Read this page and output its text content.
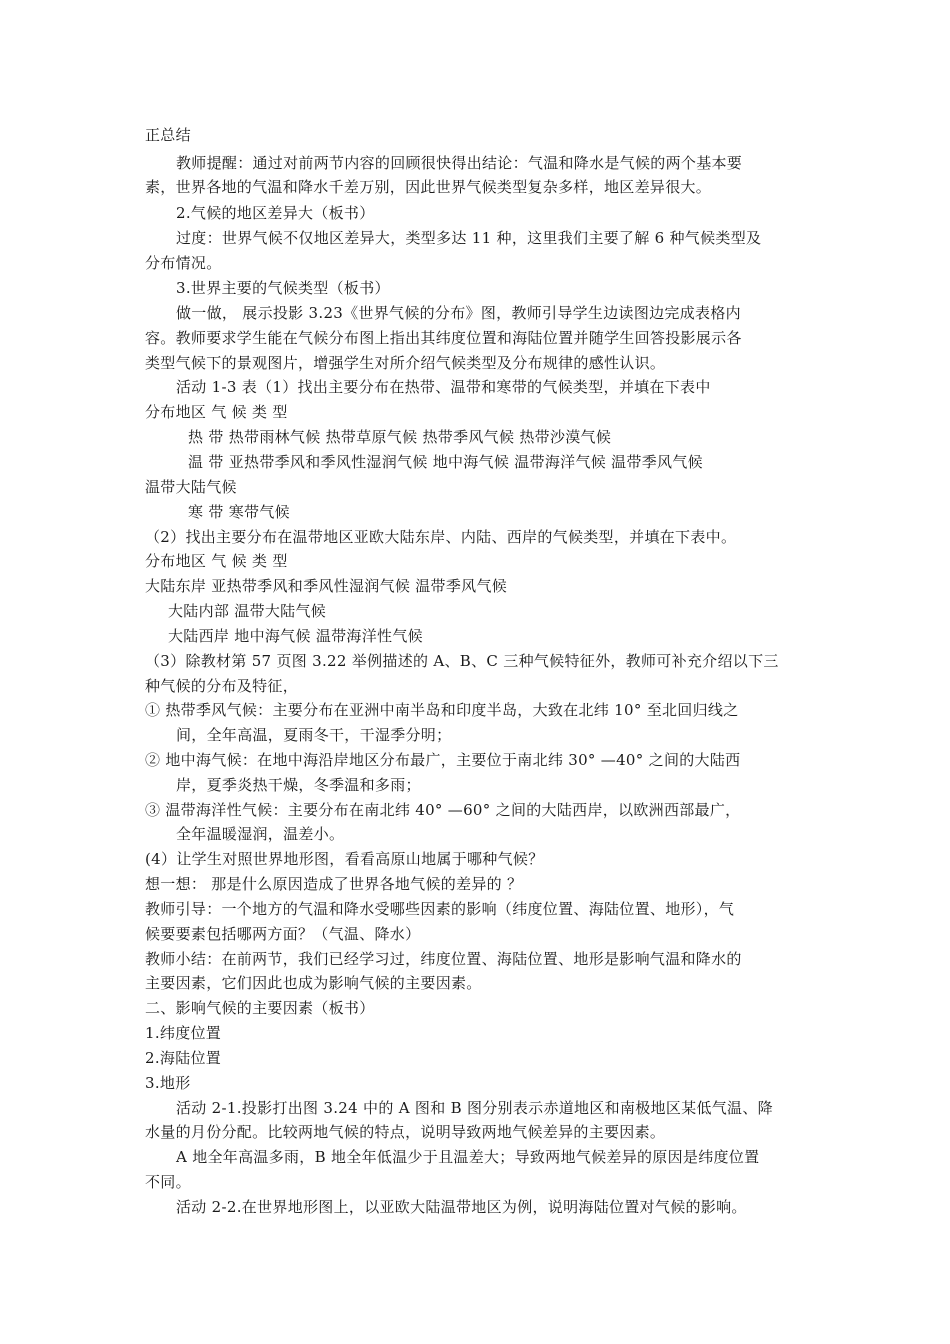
正总结
教师提醒：通过对前两节内容的回顾很快得出结论：气温和降水是气候的两个基本要
素，世界各地的气温和降水千差万别，因此世界气候类型复杂多样，地区差异很大。
2.气候的地区差异大（板书）
过度：世界气候不仅地区差异大，类型多达 11 种，这里我们主要了解 6 种气候类型及
分布情况。
3.世界主要的气候类型（板书）
做一做， 展示投影 3.23《世界气候的分布》图，教师引导学生边读图边完成表格内
容。教师要求学生能在气候分布图上指出其纬度位置和海陆位置并随学生回答投影展示各
类型气候下的景观图片，增强学生对所介绍气候类型及分布规律的感性认识。
活动 1-3 表（1）找出主要分布在热带、温带和寒带的气候类型，并填在下表中
分布地区 气 候 类 型
热 带 热带雨林气候 热带草原气候 热带季风气候 热带沙漠气候
温 带 亚热带季风和季风性湿润气候 地中海气候 温带海洋气候 温带季风气候
温带大陆气候
寒 带 寒带气候
（2）找出主要分布在温带地区亚欧大陆东岸、内陆、西岸的气候类型，并填在下表中。
分布地区 气 候 类 型
大陆东岸 亚热带季风和季风性湿润气候 温带季风气候
大陆内部 温带大陆气候
大陆西岸 地中海气候 温带海洋性气候
（3）除教材第 57 页图 3.22 举例描述的 A、B、C 三种气候特征外，教师可补充介绍以下三
种气候的分布及特征，
① 热带季风气候：主要分布在亚洲中南半岛和印度半岛，大致在北纬 10° 至北回归线之
间，全年高温，夏雨冬干，干湿季分明；
② 地中海气候：在地中海沿岸地区分布最广，主要位于南北纬 30° —40° 之间的大陆西
岸，夏季炎热干燥，冬季温和多雨；
③ 温带海洋性气候：主要分布在南北纬 40° —60° 之间的大陆西岸，以欧洲西部最广，
全年温暖湿润，温差小。
(4）让学生对照世界地形图，看看高原山地属于哪种气候？
想一想： 那是什么原因造成了世界各地气候的差异的 ？
教师引导：一个地方的气温和降水受哪些因素的影响（纬度位置、海陆位置、地形），气
候要要素包括哪两方面？（气温、降水）
教师小结：在前两节，我们已经学习过，纬度位置、海陆位置、地形是影响气温和降水的
主要因素，它们因此也成为影响气候的主要因素。
二、影响气候的主要因素（板书）
1.纬度位置
2.海陆位置
3.地形
活动 2-1.投影打出图 3.24 中的 A 图和 B 图分别表示赤道地区和南极地区某低气温、降
水量的月份分配。比较两地气候的特点，说明导致两地气候差异的主要因素。
A 地全年高温多雨，B 地全年低温少于且温差大；导致两地气候差异的原因是纬度位置
不同。
活动 2-2.在世界地形图上，以亚欧大陆温带地区为例，说明海陆位置对气候的影响。
